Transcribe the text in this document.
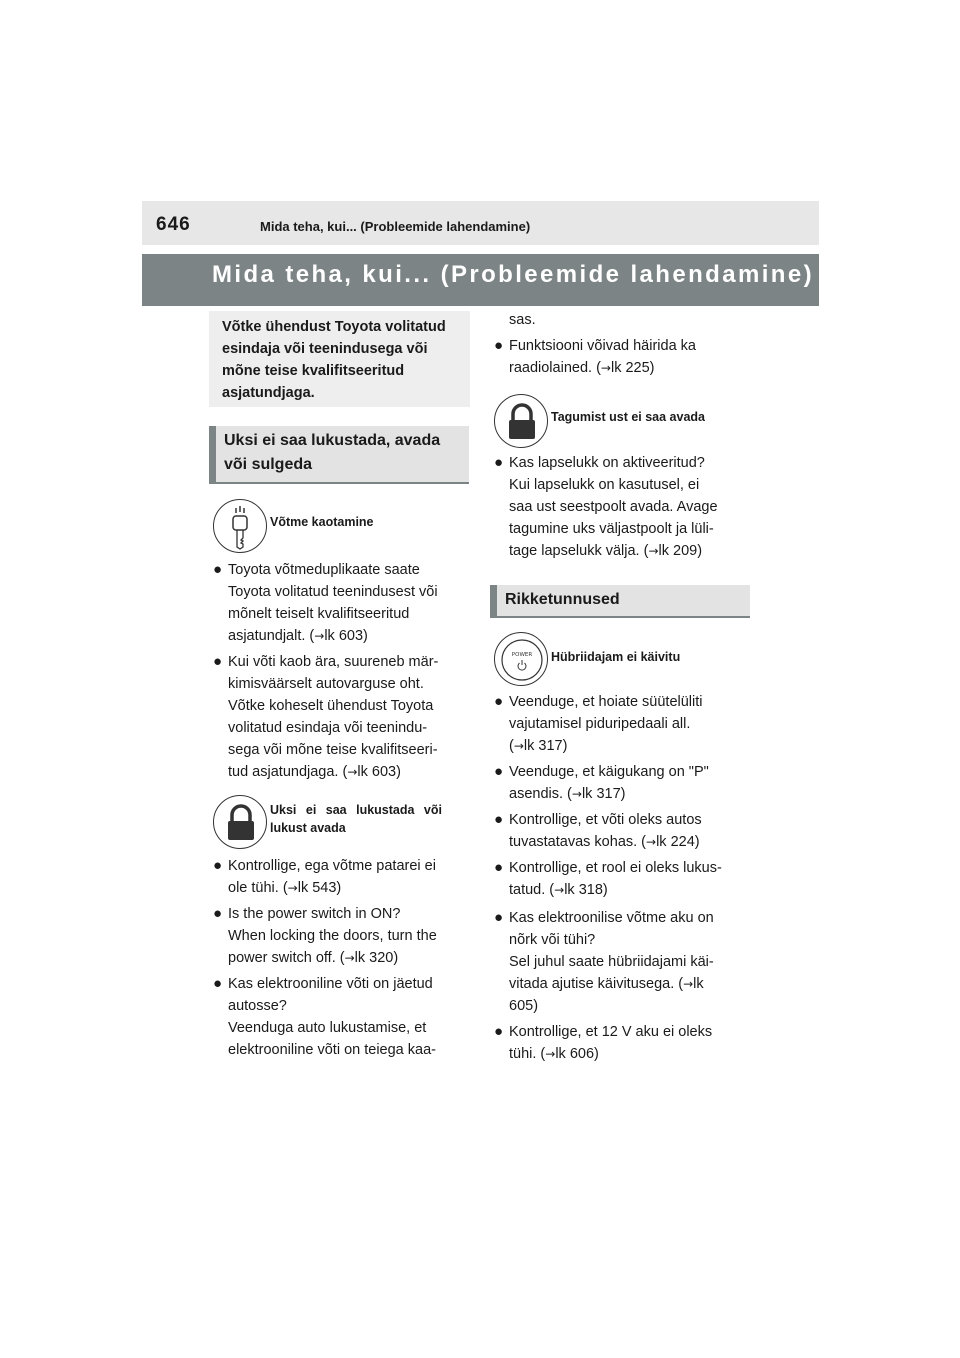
646	Mida teha, kui... (Probleemide lahendamine)
Mida teha, kui... (Probleemide lahendamine)
Võtke ühendust Toyota volitatud esindaja või teenindusega või mõne teise kvalifitseeritud asjatundjaga.
Uksi ei saa lukustada, avada
või sulgeda
Võtme kaotamine
● Toyota võtmeduplikaate saate
Toyota volitatud teenindusest või
mõnelt teiselt kvalifitseeritud
asjatundjalt. (→lk 603)
● Kui võti kaob ära, suureneb mär-
kimisväärselt autovarguse oht.
Võtke koheselt ühendust Toyota
volitatud esindaja või teenindu-
sega või mõne teise kvalifitseeri-
tud asjatundjaga. (→lk 603)
Uksi ei saa lukustada või
lukust avada
● Kontrollige, ega võtme patarei ei
ole tühi. (→lk 543)
● Is the power switch in ON?
When locking the doors, turn the
power switch off. (→lk 320)
● Kas elektrooniline võti on jäetud
autosse?
Veenduga auto lukustamise, et
elektrooniline võti on teiega kaa-
sas.
● Funktsiooni võivad häirida ka
raadiolained. (→lk 225)
Tagumist ust ei saa avada
● Kas lapselukk on aktiveeritud?
Kui lapselukk on kasutusel, ei
saa ust seestpoolt avada. Avage
tagumine uks väljastpoolt ja lüli-
tage lapselukk välja. (→lk 209)
Rikketunnused
POWER Hübriidajam ei käivitu
● Veenduge, et hoiate süütelüliti
vajutamisel piduripedaali all.
(→lk 317)
● Veenduge, et käigukang on "P"
asendis. (→lk 317)
● Kontrollige, et võti oleks autos
tuvastatavas kohas. (→lk 224)
● Kontrollige, et rool ei oleks lukus-
tatud. (→lk 318)
● Kas elektroonilise võtme aku on
nõrk või tühi?
Sel juhul saate hübriidajami käi-
vitada ajutise käivitusega. (→lk
605)
● Kontrollige, et 12 V aku ei oleks
tühi. (→lk 606)
